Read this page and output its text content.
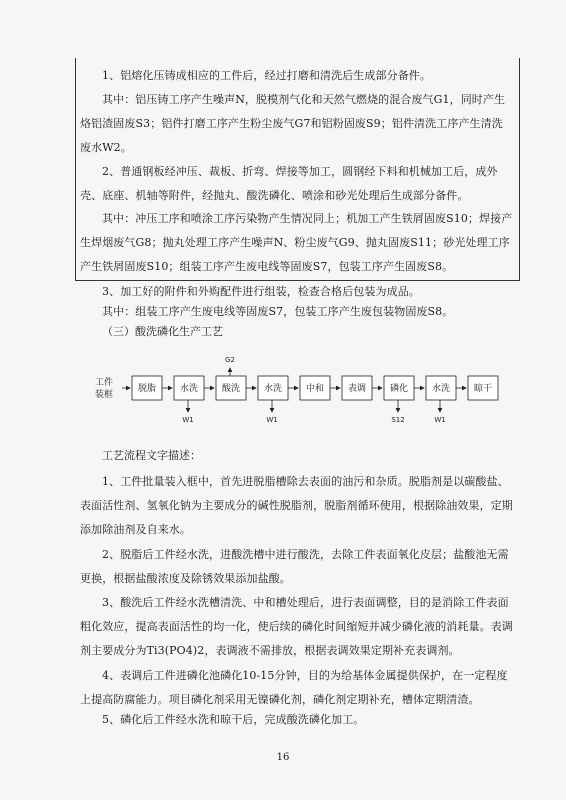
1、铝熔化压铸成相应的工件后，经过打磨和清洗后生成部分备件。

其中：铝压铸工序产生噪声N，脱模剂气化和天然气燃烧的混合废气G1，同时产生烙铝渣固废S3；铝件打磨工序产生粉尘废气G7和铝粉固废S9；铝件清洗工序产生清洗废水W2。

2、普通钢板经冲压、裁板、折弯、焊接等加工，圆钢经下料和机械加工后，成外壳、底座、机轴等附件，经抛丸、酸洗磷化、喷涂和砂光处理后生成部分备件。

其中：冲压工序和喷涂工序污染物产生情况同上；机加工产生铁屑固废S10；焊接产生焊烟废气G8；抛丸处理工序产生噪声N、粉尘废气G9、抛丸固废S11；砂光处理工序产生铁屑固废S10；组装工序产生废电线等固废S7，包装工序产生固废S8。

3、加工好的附件和外购配件进行组装，检查合格后包装为成品。

其中：组装工序产生废电线等固废S7，包装工序产生废包装物固废S8。

（三）酸洗磷化生产工艺
工件
装框
脱脂	水洗	酸洗	水洗	中和	表调	磷化	水洗	晾干
G2
W1	W1	S12	W1
工艺流程文字描述：

1、工件批量装入框中，首先进脱脂槽除去表面的油污和杂质。脱脂剂是以碳酸盐、表面活性剂、氢氧化钠为主要成分的碱性脱脂剂，脱脂剂循环使用，根据除油效果，定期添加除油剂及自来水。

2、脱脂后工件经水洗，进酸洗槽中进行酸洗，去除工件表面氧化皮层；盐酸池无需更换，根据盐酸浓度及除锈效果添加盐酸。

3、酸洗后工件经水洗槽清洗、中和槽处理后，进行表面调整，目的是消除工件表面粗化效应，提高表面活性的均一化，使后续的磷化时间缩短并减少磷化液的消耗量。表调剂主要成分为Ti3(PO4)2，表调液不需排放，根据表调效果定期补充表调剂。

4、表调后工件进磷化池磷化10-15分钟，目的为给基体金属提供保护，在一定程度上提高防腐能力。项目磷化剂采用无镍磷化剂，磷化剂定期补充，槽体定期清渣。

5、磷化后工件经水洗和晾干后，完成酸洗磷化加工。

16
